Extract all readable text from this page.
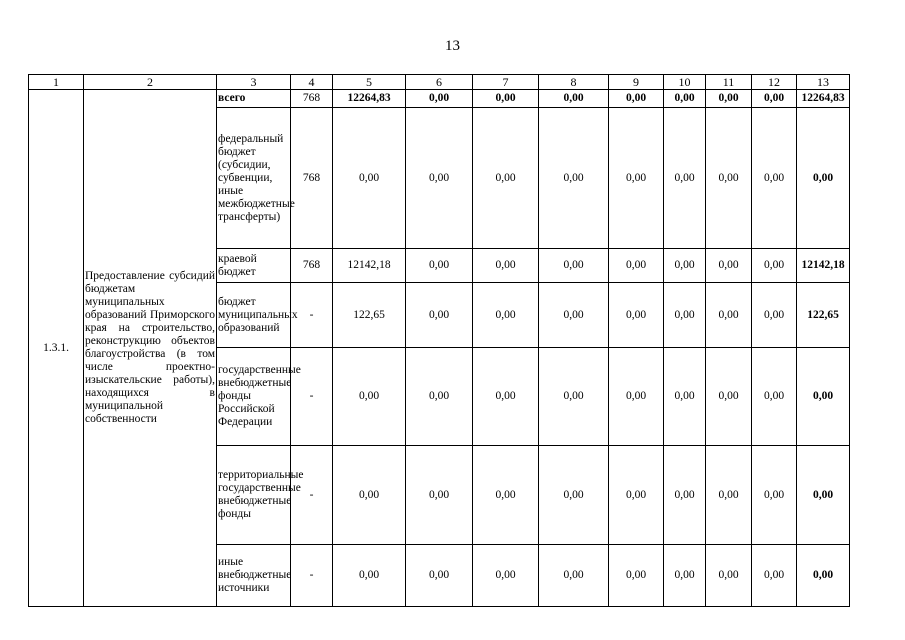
13
1	2	3	4	5	6	7	8	9	10	11	12	13
1.3.1.	Предоставление субсидий бюджетам муниципальных образований Приморского края на строительство, реконструкцию объектов благоустройства (в том числе проектно-изыскательские работы), находящихся в муниципальной собственности	всего	768	12264,83	0,00	0,00	0,00	0,00	0,00	0,00	0,00	12264,83
		федеральный бюджет (субсидии, субвенции, иные межбюджетные трансферты)	768	0,00	0,00	0,00	0,00	0,00	0,00	0,00	0,00	0,00
		краевой бюджет	768	12142,18	0,00	0,00	0,00	0,00	0,00	0,00	0,00	12142,18
		бюджет муниципальных образований	-	122,65	0,00	0,00	0,00	0,00	0,00	0,00	0,00	122,65
		государственные внебюджетные фонды Российской Федерации	-	0,00	0,00	0,00	0,00	0,00	0,00	0,00	0,00	0,00
		территориальные государственные внебюджетные фонды	-	0,00	0,00	0,00	0,00	0,00	0,00	0,00	0,00	0,00
		иные внебюджетные источники	-	0,00	0,00	0,00	0,00	0,00	0,00	0,00	0,00	0,00
